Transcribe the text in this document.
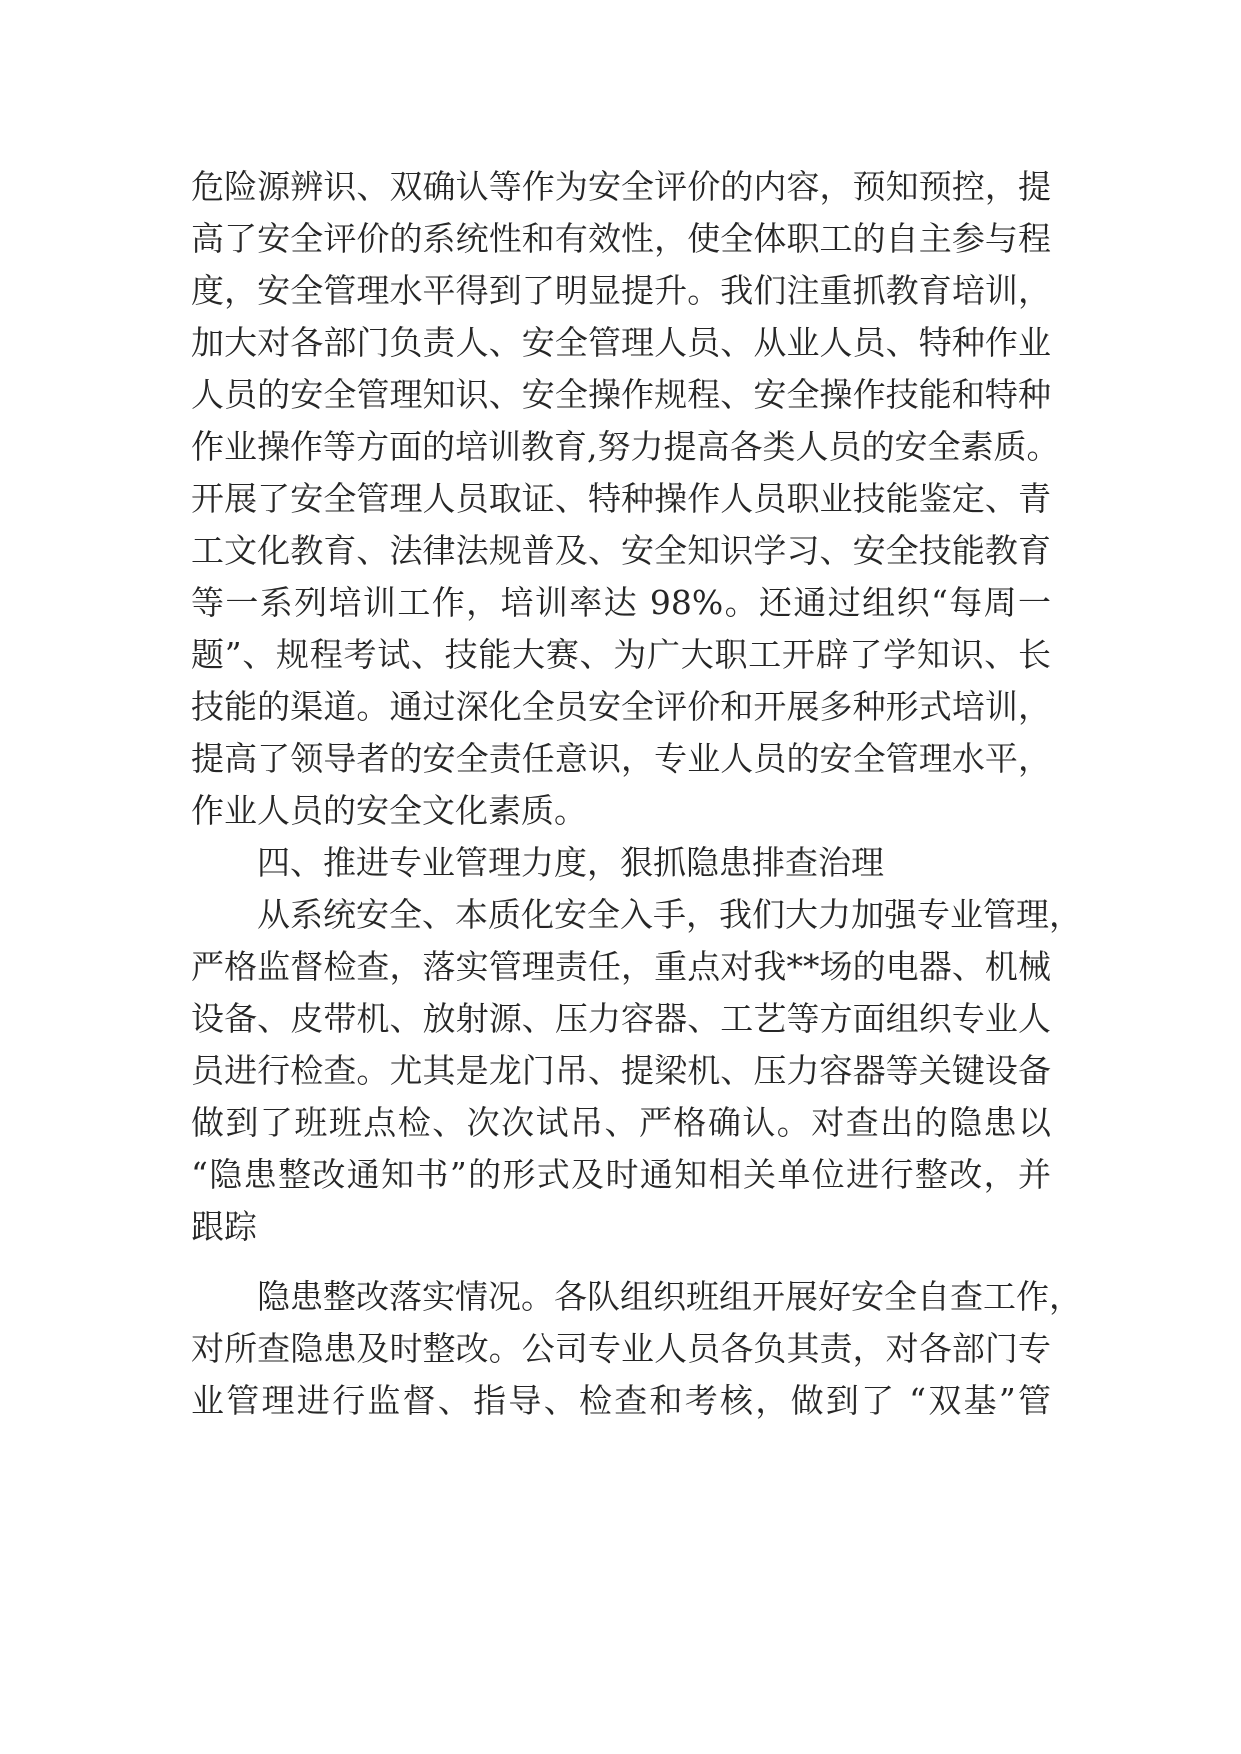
危险源辨识、双确认等作为安全评价的内容，预知预控，提
高了安全评价的系统性和有效性，使全体职工的自主参与程
度，安全管理水平得到了明显提升。我们注重抓教育培训，
加大对各部门负责人、安全管理人员、从业人员、特种作业
人员的安全管理知识、安全操作规程、安全操作技能和特种
作业操作等方面的培训教育,努力提高各类人员的安全素质。
开展了安全管理人员取证、特种操作人员职业技能鉴定、青
工文化教育、法律法规普及、安全知识学习、安全技能教育
等一系列培训工作，培训率达 98%。还通过组织“每周一
题”、规程考试、技能大赛、为广大职工开辟了学知识、长
技能的渠道。通过深化全员安全评价和开展多种形式培训，
提高了领导者的安全责任意识，专业人员的安全管理水平，
作业人员的安全文化素质。
四、推进专业管理力度，狠抓隐患排查治理
从系统安全、本质化安全入手，我们大力加强专业管理，
严格监督检查，落实管理责任，重点对我**场的电器、机械
设备、皮带机、放射源、压力容器、工艺等方面组织专业人
员进行检查。尤其是龙门吊、提梁机、压力容器等关键设备
做到了班班点检、次次试吊、严格确认。对查出的隐患以
“隐患整改通知书”的形式及时通知相关单位进行整改，并
跟踪
隐患整改落实情况。各队组织班组开展好安全自查工作，
对所查隐患及时整改。公司专业人员各负其责，对各部门专
业管理进行监督、指导、检查和考核，做到了 “双基”管
